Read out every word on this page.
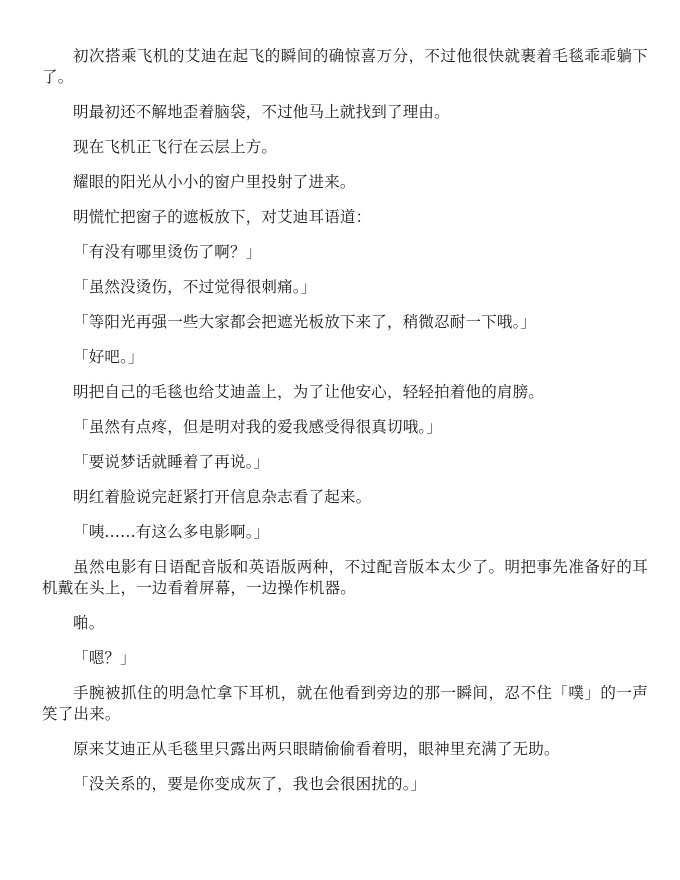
初次搭乘飞机的艾迪在起飞的瞬间的确惊喜万分，不过他很快就裹着毛毯乖乖躺下了。

明最初还不解地歪着脑袋，不过他马上就找到了理由。

现在飞机正飞行在云层上方。

耀眼的阳光从小小的窗户里投射了进来。

明慌忙把窗子的遮板放下，对艾迪耳语道：

「有没有哪里烫伤了啊？」

「虽然没烫伤，不过觉得很刺痛。」

「等阳光再强一些大家都会把遮光板放下来了，稍微忍耐一下哦。」

「好吧。」

明把自己的毛毯也给艾迪盖上，为了让他安心，轻轻拍着他的肩膀。

「虽然有点疼，但是明对我的爱我感受得很真切哦。」

「要说梦话就睡着了再说。」

明红着脸说完赶紧打开信息杂志看了起来。

「咦……有这么多电影啊。」

虽然电影有日语配音版和英语版两种，不过配音版本太少了。明把事先准备好的耳机戴在头上，一边看着屏幕，一边操作机器。

啪。

「嗯？」

手腕被抓住的明急忙拿下耳机，就在他看到旁边的那一瞬间，忍不住「噗」的一声笑了出来。

原来艾迪正从毛毯里只露出两只眼睛偷偷看着明，眼神里充满了无助。

「没关系的，要是你变成灰了，我也会很困扰的。」
